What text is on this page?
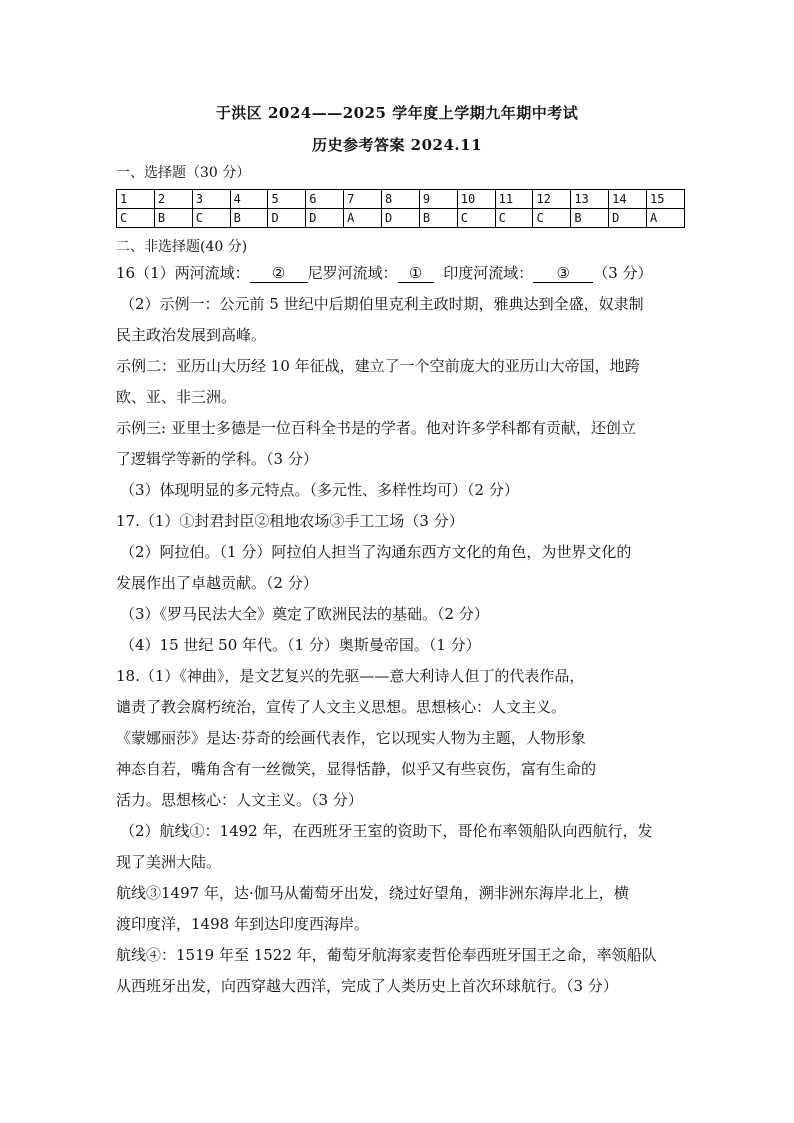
于洪区 2024——2025 学年度上学期九年期中考试
历史参考答案 2024.11
一、选择题（30 分）
1	2	3	4	5	6	7	8	9	10	11	12	13	14	15
C	B	C	B	D	D	A	D	B	C	C	C	B	D	A
二、非选择题(40 分)

16（1）两河流域： ② 尼罗河流域： ① 印度河流域： ③ （3 分）

（2）示例一：公元前 5 世纪中后期伯里克利主政时期，雅典达到全盛，奴隶制

民主政治发展到高峰。

示例二：亚历山大历经 10 年征战，建立了一个空前庞大的亚历山大帝国，地跨

欧、亚、非三洲。

示例三: 亚里士多德是一位百科全书是的学者。他对许多学科都有贡献，还创立

了逻辑学等新的学科。（3 分）

（3）体现明显的多元特点。（多元性、多样性均可）（2 分）

17.（1）①封君封臣②租地农场③手工工场（3 分）

（2）阿拉伯。（1 分）阿拉伯人担当了沟通东西方文化的角色，为世界文化的

发展作出了卓越贡献。（2 分）

（3）《罗马民法大全》奠定了欧洲民法的基础。（2 分）

（4）15 世纪 50 年代。（1 分）奥斯曼帝国。（1 分）

18.（1）《神曲》，是文艺复兴的先驱——意大利诗人但丁的代表作品，

谴责了教会腐朽统治，宣传了人文主义思想。思想核心：人文主义。

《蒙娜丽莎》是达·芬奇的绘画代表作，它以现实人物为主题，人物形象

神态自若，嘴角含有一丝微笑，显得恬静，似乎又有些哀伤，富有生命的

活力。思想核心：人文主义。（3 分）

（2）航线①：1492 年，在西班牙王室的资助下，哥伦布率领船队向西航行，发

现了美洲大陆。

航线③1497 年，达·伽马从葡萄牙出发，绕过好望角，溯非洲东海岸北上，横

渡印度洋，1498 年到达印度西海岸。

航线④：1519 年至 1522 年，葡萄牙航海家麦哲伦奉西班牙国王之命，率领船队

从西班牙出发，向西穿越大西洋，完成了人类历史上首次环球航行。（3 分）
